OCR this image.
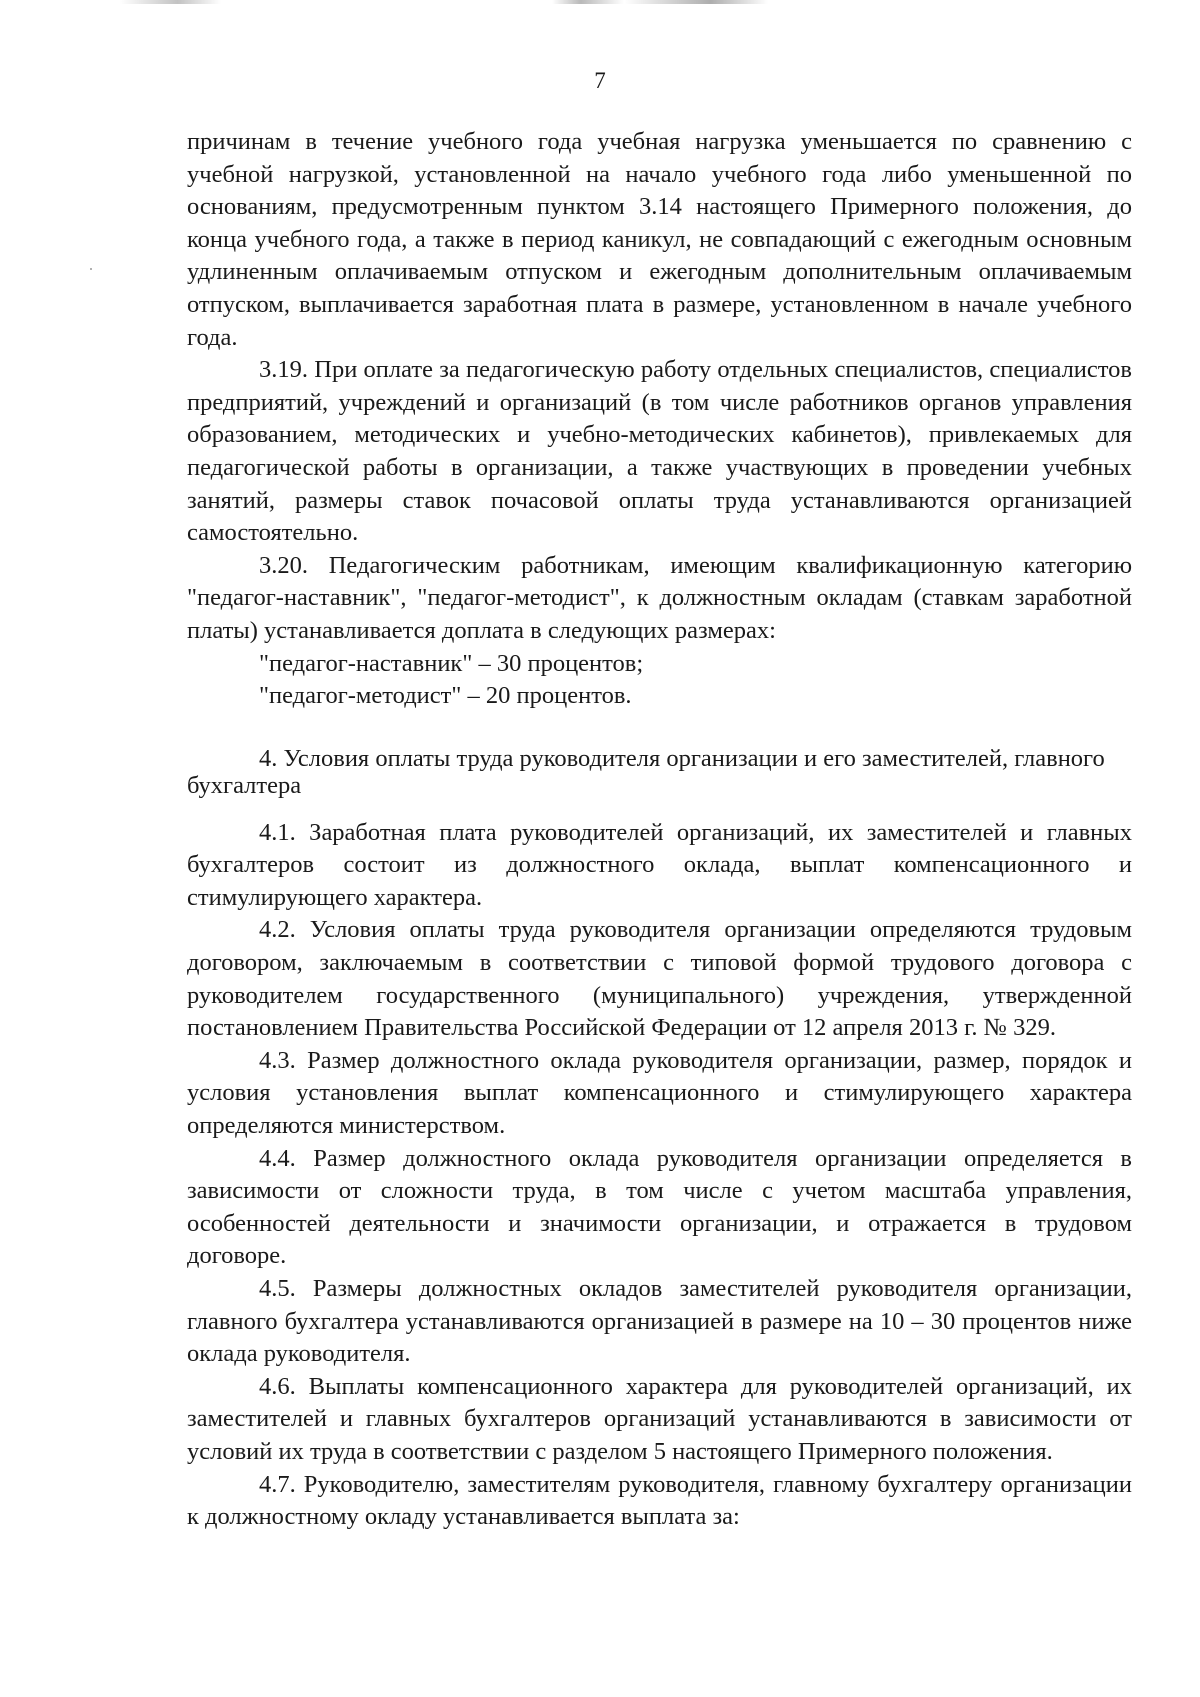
7

причинам в течение учебного года учебная нагрузка уменьшается по сравнению с учебной нагрузкой, установленной на начало учебного года либо уменьшенной по основаниям, предусмотренным пунктом 3.14 настоящего Примерного положения, до конца учебного года, а также в период каникул, не совпадающий с ежегодным основным удлиненным оплачиваемым отпуском и ежегодным дополнительным оплачиваемым отпуском, выплачивается заработная плата в размере, установленном в начале учебного года.

3.19. При оплате за педагогическую работу отдельных специалистов, специалистов предприятий, учреждений и организаций (в том числе работников органов управления образованием, методических и учебно-методических кабинетов), привлекаемых для педагогической работы в организации, а также участвующих в проведении учебных занятий, размеры ставок почасовой оплаты труда устанавливаются организацией самостоятельно.

3.20. Педагогическим работникам, имеющим квалификационную категорию "педагог-наставник", "педагог-методист", к должностным окладам (ставкам заработной платы) устанавливается доплата в следующих размерах:

"педагог-наставник" – 30 процентов;

"педагог-методист" – 20 процентов.

4. Условия оплаты труда руководителя организации и его заместителей, главного бухгалтера

4.1. Заработная плата руководителей организаций, их заместителей и главных бухгалтеров состоит из должностного оклада, выплат компенсационного и стимулирующего характера.

4.2. Условия оплаты труда руководителя организации определяются трудовым договором, заключаемым в соответствии с типовой формой трудового договора с руководителем государственного (муниципального) учреждения, утвержденной постановлением Правительства Российской Федерации от 12 апреля 2013 г. № 329.

4.3. Размер должностного оклада руководителя организации, размер, порядок и условия установления выплат компенсационного и стимулирующего характера определяются министерством.

4.4. Размер должностного оклада руководителя организации определяется в зависимости от сложности труда, в том числе с учетом масштаба управления, особенностей деятельности и значимости организации, и отражается в трудовом договоре.

4.5. Размеры должностных окладов заместителей руководителя организации, главного бухгалтера устанавливаются организацией в размере на 10 – 30 процентов ниже оклада руководителя.

4.6. Выплаты компенсационного характера для руководителей организаций, их заместителей и главных бухгалтеров организаций устанавливаются в зависимости от условий их труда в соответствии с разделом 5 настоящего Примерного положения.

4.7. Руководителю, заместителям руководителя, главному бухгалтеру организации к должностному окладу устанавливается выплата за:
